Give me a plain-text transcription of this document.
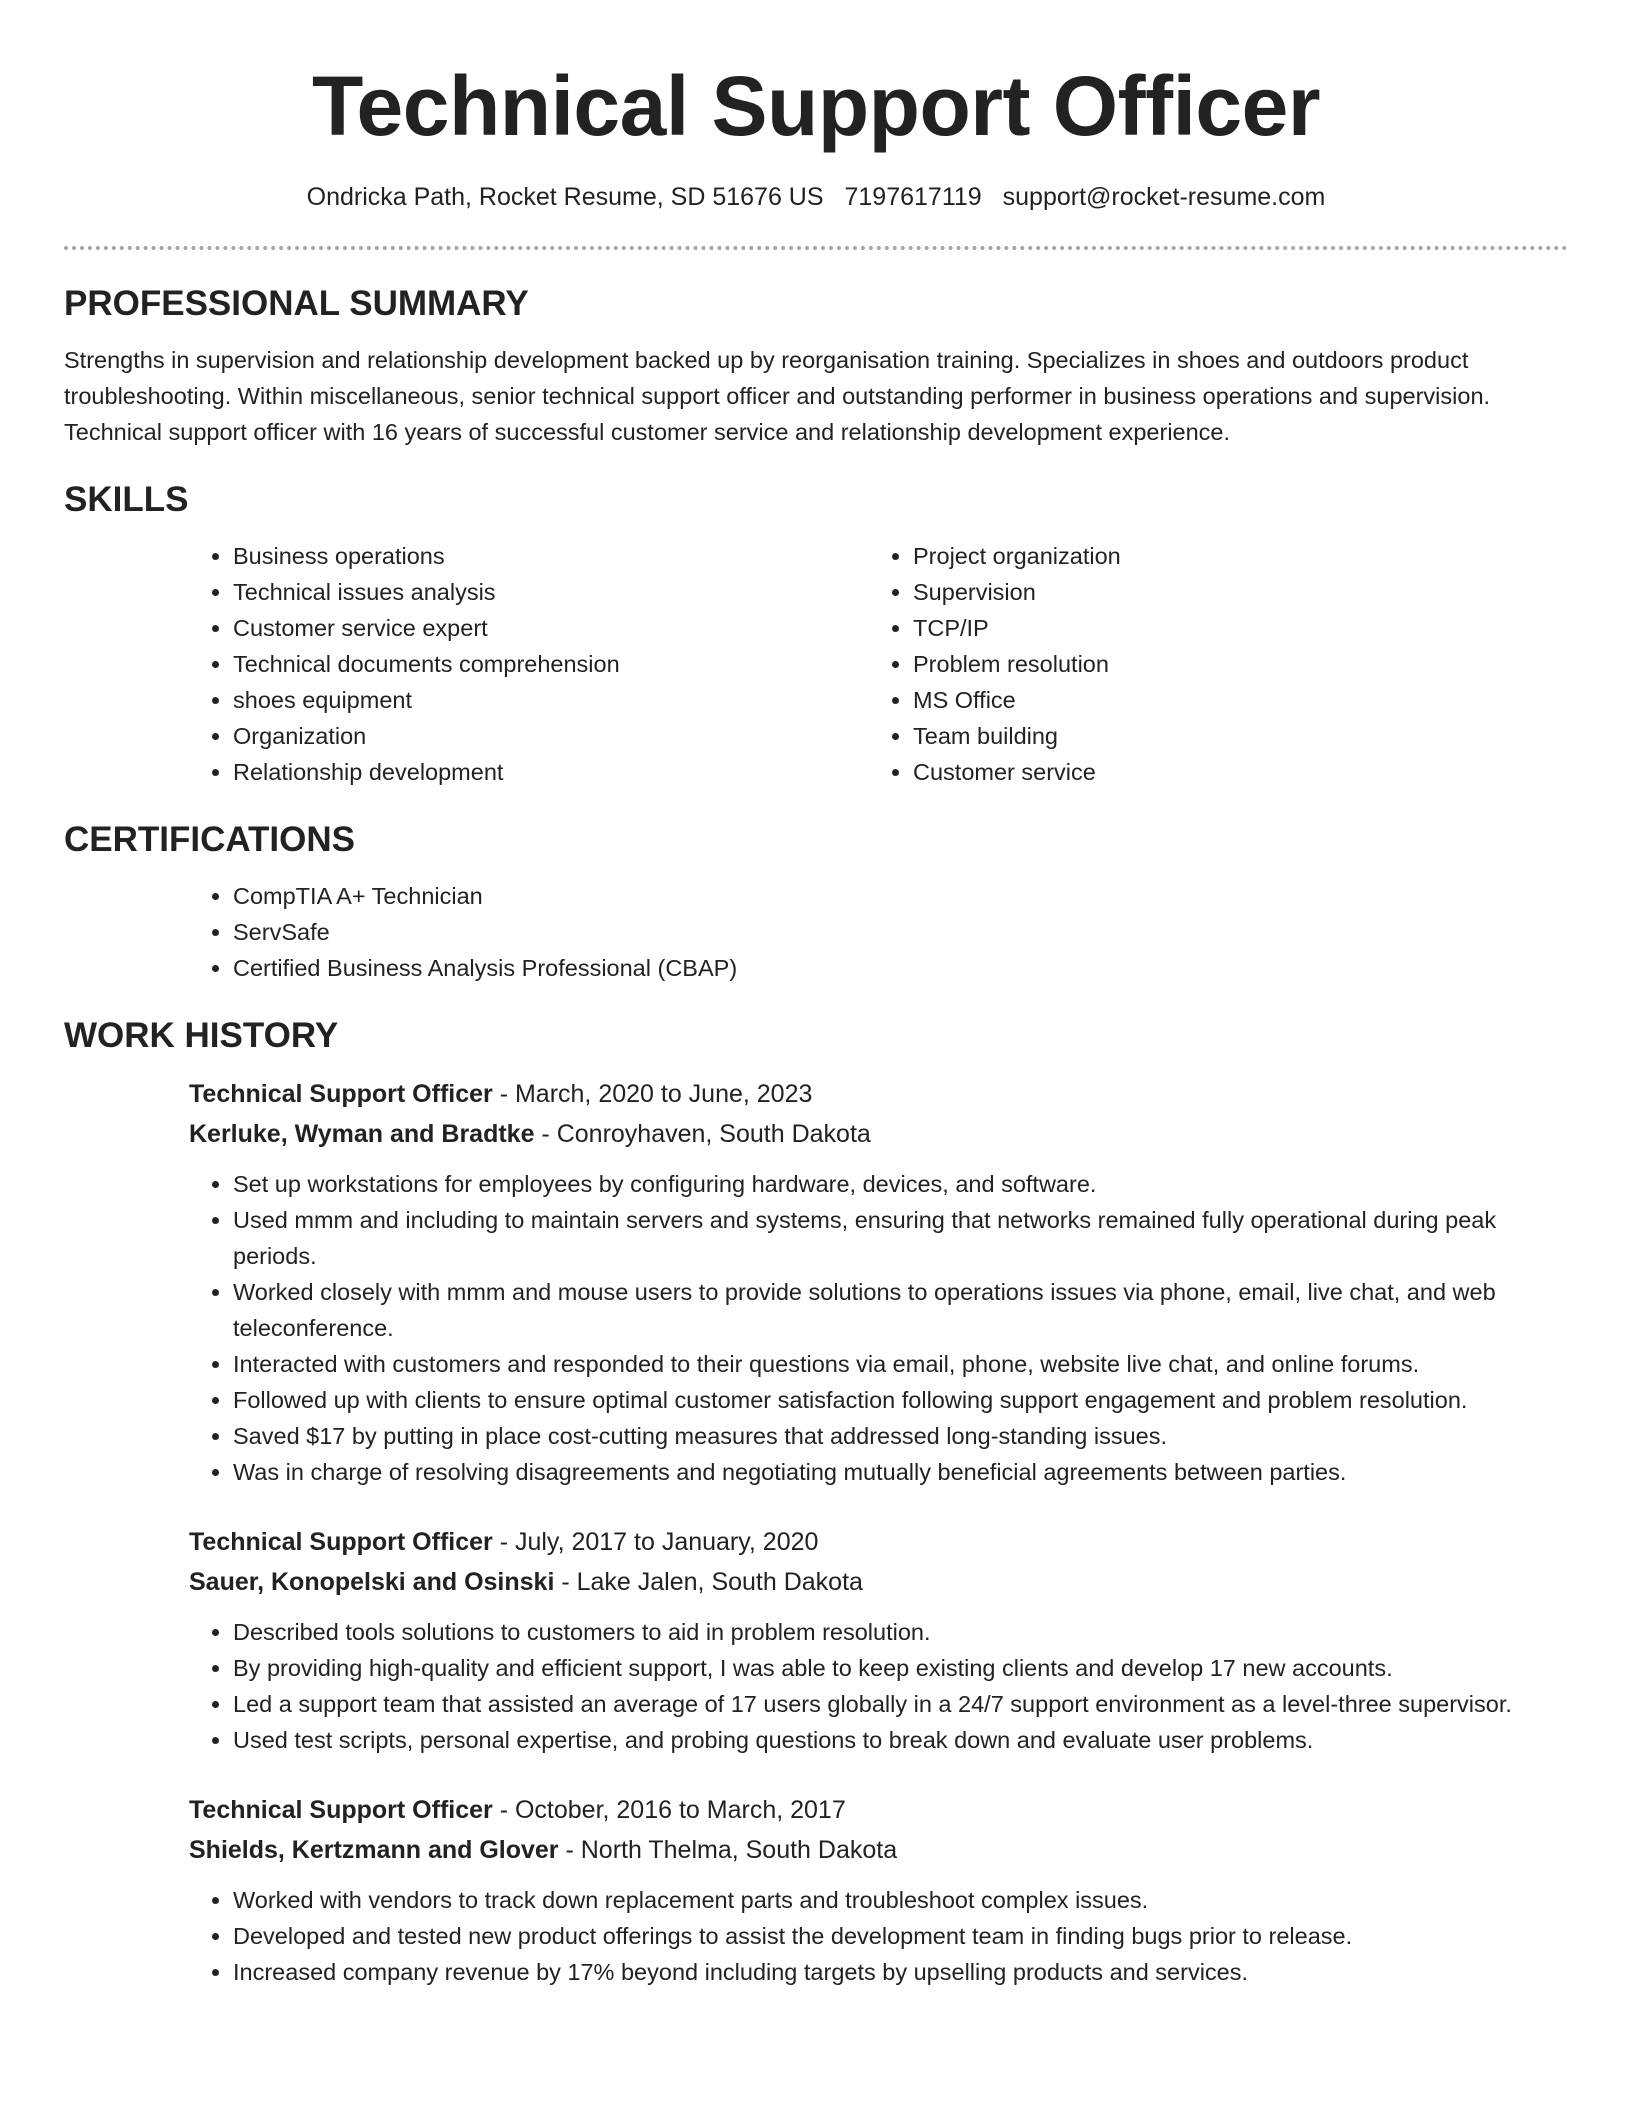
Technical Support Officer
Ondricka Path, Rocket Resume, SD 51676 US 7197617119 support@rocket-resume.com
PROFESSIONAL SUMMARY

Strengths in supervision and relationship development backed up by reorganisation training. Specializes in shoes and outdoors product troubleshooting. Within miscellaneous, senior technical support officer and outstanding performer in business operations and supervision. Technical support officer with 16 years of successful customer service and relationship development experience.

SKILLS
• Business operations
• Technical issues analysis
• Customer service expert
• Technical documents comprehension
• shoes equipment
• Organization
• Relationship development
• Project organization
• Supervision
• TCP/IP
• Problem resolution
• MS Office
• Team building
• Customer service
CERTIFICATIONS
• CompTIA A+ Technician
• ServSafe
• Certified Business Analysis Professional (CBAP)
WORK HISTORY
Technical Support Officer - March, 2020 to June, 2023
Kerluke, Wyman and Bradtke - Conroyhaven, South Dakota
• Set up workstations for employees by configuring hardware, devices, and software.
• Used mmm and including to maintain servers and systems, ensuring that networks remained fully operational during peak periods.
• Worked closely with mmm and mouse users to provide solutions to operations issues via phone, email, live chat, and web teleconference.
• Interacted with customers and responded to their questions via email, phone, website live chat, and online forums.
• Followed up with clients to ensure optimal customer satisfaction following support engagement and problem resolution.
• Saved $17 by putting in place cost-cutting measures that addressed long-standing issues.
• Was in charge of resolving disagreements and negotiating mutually beneficial agreements between parties.
Technical Support Officer - July, 2017 to January, 2020
Sauer, Konopelski and Osinski - Lake Jalen, South Dakota
• Described tools solutions to customers to aid in problem resolution.
• By providing high-quality and efficient support, I was able to keep existing clients and develop 17 new accounts.
• Led a support team that assisted an average of 17 users globally in a 24/7 support environment as a level-three supervisor.
• Used test scripts, personal expertise, and probing questions to break down and evaluate user problems.
Technical Support Officer - October, 2016 to March, 2017
Shields, Kertzmann and Glover - North Thelma, South Dakota
• Worked with vendors to track down replacement parts and troubleshoot complex issues.
• Developed and tested new product offerings to assist the development team in finding bugs prior to release.
• Increased company revenue by 17% beyond including targets by upselling products and services.
